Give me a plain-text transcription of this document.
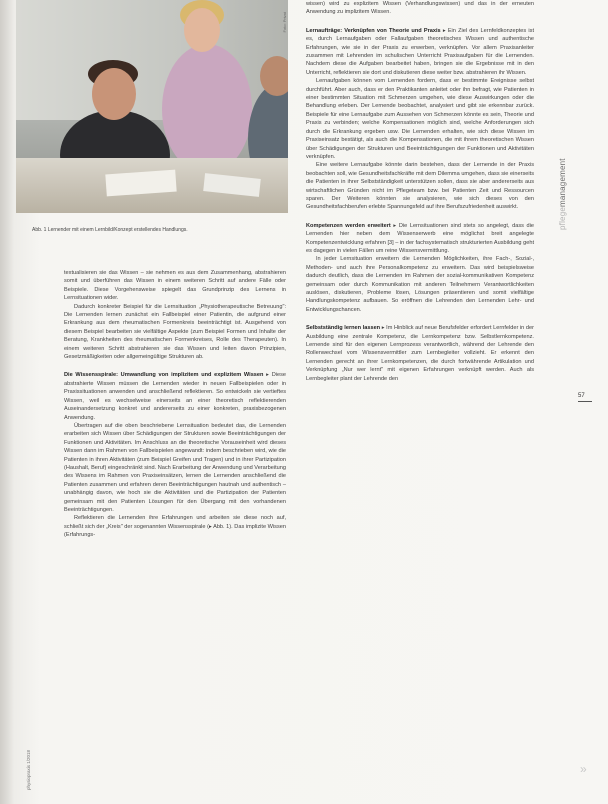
Foto: Privat
Abb. 1 Lernender mit einem Lernbild/Konzept erstellendes Handlungs.

textualisieren sie das Wissen – sie nehmen es aus dem Zusammenhang, abstrahieren somit und überführen das Wissen in einem weiteren Schritt auf andere Fälle oder Beispiele. Diese Vorgehensweise spiegelt das Grundprinzip des Lernens in Lernsituationen wider.

Dadurch konkreter Beispiel für die Lernsituation „Physiotherapeutische Betreuung": Die Lernenden lernen zunächst ein Fallbeispiel einer Patientin, die aufgrund einer Erkrankung aus dem rheumatischen Formenkreis beeinträchtigt ist. Ausgehend von diesem Beispiel bearbeiten sie vielfältige Aspekte (zum Beispiel Formen und Inhalte der Beratung, Krankheiten des rheumatischen Formenkreises, Rolle des Therapeuten). In einem weiteren Schritt abstrahieren sie das Wissen und leiten davon Prinzipien, Gesetzmäßigkeiten oder allgemeingültige Strukturen ab.

Die Wissensspirale: Umwandlung von implizitem und explizitem Wissen ▸ Diese abstrahierte Wissen müssen die Lernenden wieder in neuen Fallbeispielen oder in Praxissituationen anwenden und anschließend reflektieren. So entwickeln sie vertieftes Wissen, weil es wechselweise einerseits an einer theoretisch reflektierenden Auseinandersetzung konkret und andererseits zu einer konkreten, praxisbezogenen Anwendung.

Übertragen auf die oben beschriebene Lernsituation bedeutet das, die Lernenden erarbeiten sich Wissen über Schädigungen der Strukturen sowie Beeinträchtigungen der Funktionen und Aktivitäten. Im Anschluss an die theoretische Vorauseinheit wird dieses Wissen dann im Rahmen von Fallbeispielen angewandt: indem beschrieben wird, wie die Patienten in ihren Aktivitäten (zum Beispiel Greifen und Tragen) und in ihrer Partizipation (Haushalt, Beruf) eingeschränkt sind. Nach Erarbeitung der Anwendung und Verarbeitung des Wissens im Rahmen von Praxiseinsätzen, lernen die Lernenden anschließend die Patienten zusammen und erfahren deren Beeinträchtigungen hautnah und authentisch – unabhängig davon, wie hoch sie die Aktivitäten und die Partizipation der Patienten gemeinsam mit den Patienten Lösungen für den Übergang mit den vorhandenen Beeinträchtigungen.

Reflektieren die Lernenden ihre Erfahrungen und arbeiten sie diese noch auf, schließt sich der „Kreis" der sogenannten Wissensspirale (▸ Abb. 1). Das implizite Wissen (Erfahrungs-

wissen) wird zu explizitem Wissen (Verhandlungswissen) und das in der erneuten Anwendung zu implizitem Wissen.

Lernaufträge: Verknüpfen von Theorie und Praxis ▸ Ein Ziel des Lernfeldkonzeptes ist es, durch Lernaufgaben oder Fallaufgaben theoretisches Wissen und authentische Erfahrungen, wie sie in der Praxis zu erwerben, verknüpfen. Vor allem Praxisanleiter zusammen mit Lehrenden im schulischen Unterricht Praxisaufgaben für die Lernenden. Nachdem diese die Aufgaben bearbeitet haben, bringen sie die Ergebnisse mit in den Unterricht, reflektieren sie dort und diskutieren diese weiter bzw. abstrahieren ihr Wissen.

Lernaufgaben können vom Lernenden fordern, dass er bestimmte Ereignisse selbst durchführt. Aber auch, dass er den Praktikanten anleitet oder ihn befragt, wie Patienten in einer bestimmten Situation mit Schmerzen umgehen, wie diese Auswirkungen oder die Behandlung erleben. Der Lernende beobachtet, analysiert und gibt sie erkennbar zurück. Beispiele für eine Lernaufgabe zum Aussehen von Schmerzen könnte es sein, Theorie und Praxis zu verbinden; welche Kompensationen möglich sind, welche Anforderungen sich durch die Erkrankung ergeben usw. Die Lernenden erhalten, wie sich diese Wissen im Praxiseinsatz bestätigt, als auch die Kompensationen, die mit ihrem theoretischen Wissen über Schädigungen der Strukturen und Beeinträchtigungen der Funktionen und Aktivitäten verknüpfen.

Eine weitere Lernaufgabe könnte darin bestehen, dass der Lernende in der Praxis beobachten soll, wie Gesundheitsfachkräfte mit dem Dilemma umgehen, dass sie einerseits die Patienten in ihrer Selbstständigkeit unterstützen sollen, dass sie aber andererseits aus wirtschaftlichen Gründen nicht im Pflegeteam bzw. bei Patienten Zeit und Ressourcen sparen. Der Weiteren könnten sie analysieren, wie sich dieses von den Gesundheitsfachberufen erlebte Spannungsfeld auf ihre Berufszufriedenheit auswirkt.

Kompetenzen werden erweitert ▸ Die Lernsituationen sind stets so angelegt, dass die Lernenden hier neben dem Wissenserwerb eine möglichst breit angelegte Kompetenzentwicklung erfahren [3] – in der fachsystematisch strukturierten Ausbildung geht es dagegen in vielen Fällen um reine Wissensvermittlung.

In jeder Lernsituation erweitern die Lernenden Möglichkeiten, ihre Fach-, Sozial-, Methoden- und auch ihre Personalkompetenz zu erweitern. Das wird beispielsweise dadurch deutlich, dass die Lernenden im Rahmen der sozial-kommunikativen Kompetenz gemeinsam oder durch Kommunikation mit anderen Teilnehmern Verantwortlichkeiten auslösen, diskutieren, Probleme lösen, Lösungen präsentieren und somit vielfältige Handlungskompetenz aufbauen. So eröffnen die Lehrenden den Lernenden Lehr- und Entwicklungschancen.

Selbstständig lernen lassen ▸ Im Hinblick auf neue Berufsfelder erfordert Lernfelder in der Ausbildung eine zentrale Kompetenz, die Lernkompetenz bzw. Selbstlernkompetenz. Lernende sind für den eigenen Lernprozess verantwortlich, während der Lehrende den Rollenwechsel vom Wissensvermittler zum Lernbegleiter vollzieht. Er erkennt den Lernenden gerecht an ihrer Lernkompetenzen, die durch fortwährende Artikulation und Verknüpfung „Nur wer lernt" mit eigenen Erfahrungen verknüpft werden. Auch als Lernbegleiter plant der Lehrende den

pflegemanagement
57
physiopraxis 1/2018	»
